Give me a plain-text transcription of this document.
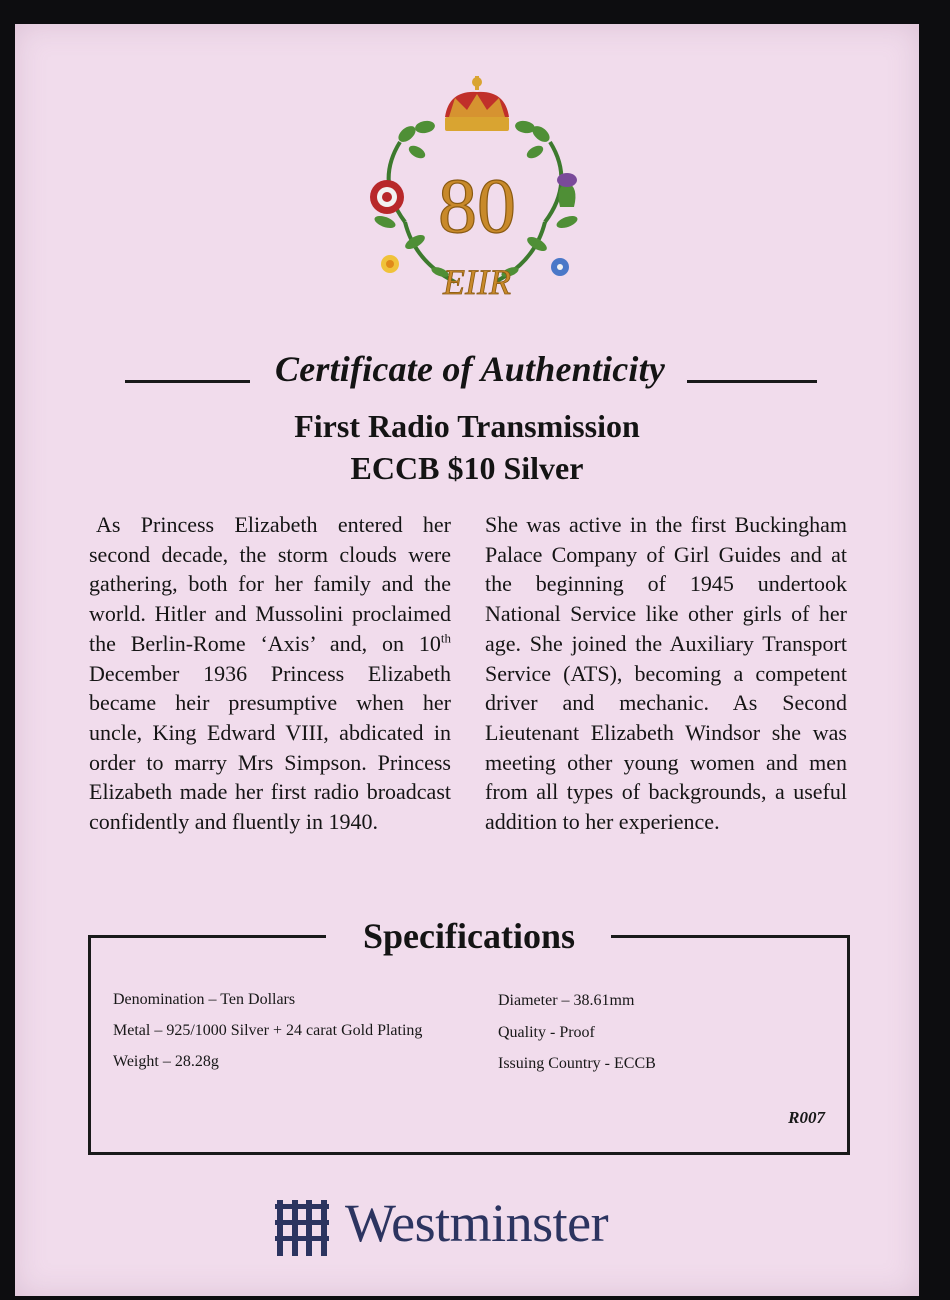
80
EIIR
Certificate of Authenticity
First Radio Transmission
ECCB $10 Silver

As Princess Elizabeth entered her second decade, the storm clouds were gathering, both for her family and the world. Hitler and Mussolini proclaimed the Berlin-Rome ‘Axis’ and, on 10th December 1936 Princess Elizabeth became heir presumptive when her uncle, King Edward VIII, abdicated in order to marry Mrs Simpson. Princess Elizabeth made her first radio broadcast confidently and fluently in 1940.

She was active in the first Buckingham Palace Company of Girl Guides and at the beginning of 1945 undertook National Service like other girls of her age. She joined the Auxiliary Transport Service (ATS), becoming a competent driver and mechanic. As Second Lieutenant Elizabeth Windsor she was meeting other young women and men from all types of backgrounds, a useful addition to her experience.

Specifications
Denomination – Ten Dollars
Metal – 925/1000 Silver + 24 carat Gold Plating
Weight – 28.28g
Diameter – 38.61mm
Quality - Proof
Issuing Country - ECCB
R007
Westminster
